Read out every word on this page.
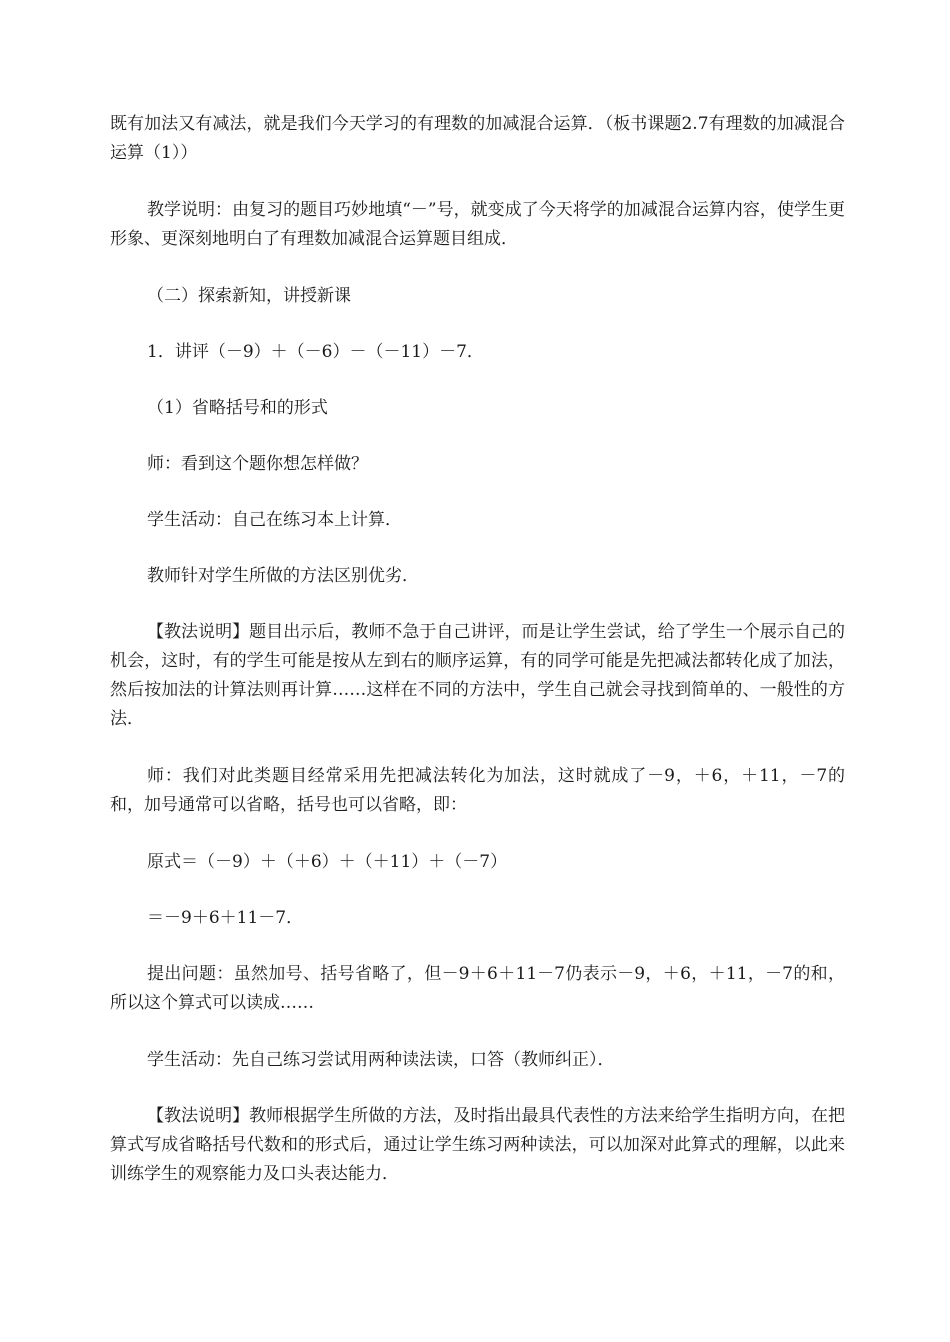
既有加法又有减法，就是我们今天学习的有理数的加减混合运算．（板书课题2.7有理数的加减混合运算（1））

教学说明：由复习的题目巧妙地填“－”号，就变成了今天将学的加减混合运算内容，使学生更形象、更深刻地明白了有理数加减混合运算题目组成．

（二）探索新知，讲授新课

1．讲评（－9）＋（－6）－（－11）－7．

（1）省略括号和的形式

师：看到这个题你想怎样做？

学生活动：自己在练习本上计算．

教师针对学生所做的方法区别优劣．

【教法说明】题目出示后，教师不急于自己讲评，而是让学生尝试，给了学生一个展示自己的机会，这时，有的学生可能是按从左到右的顺序运算，有的同学可能是先把减法都转化成了加法，然后按加法的计算法则再计算……这样在不同的方法中，学生自己就会寻找到简单的、一般性的方法．

师：我们对此类题目经常采用先把减法转化为加法，这时就成了－9，＋6，＋11，－7的和，加号通常可以省略，括号也可以省略，即：

原式＝（－9）＋（＋6）＋（＋11）＋（－7）

＝－9＋6＋11－7．

提出问题：虽然加号、括号省略了，但－9＋6＋11－7仍表示－9，＋6，＋11，－7的和，所以这个算式可以读成……

学生活动：先自己练习尝试用两种读法读，口答（教师纠正）．

【教法说明】教师根据学生所做的方法，及时指出最具代表性的方法来给学生指明方向，在把算式写成省略括号代数和的形式后，通过让学生练习两种读法，可以加深对此算式的理解，以此来训练学生的观察能力及口头表达能力．
